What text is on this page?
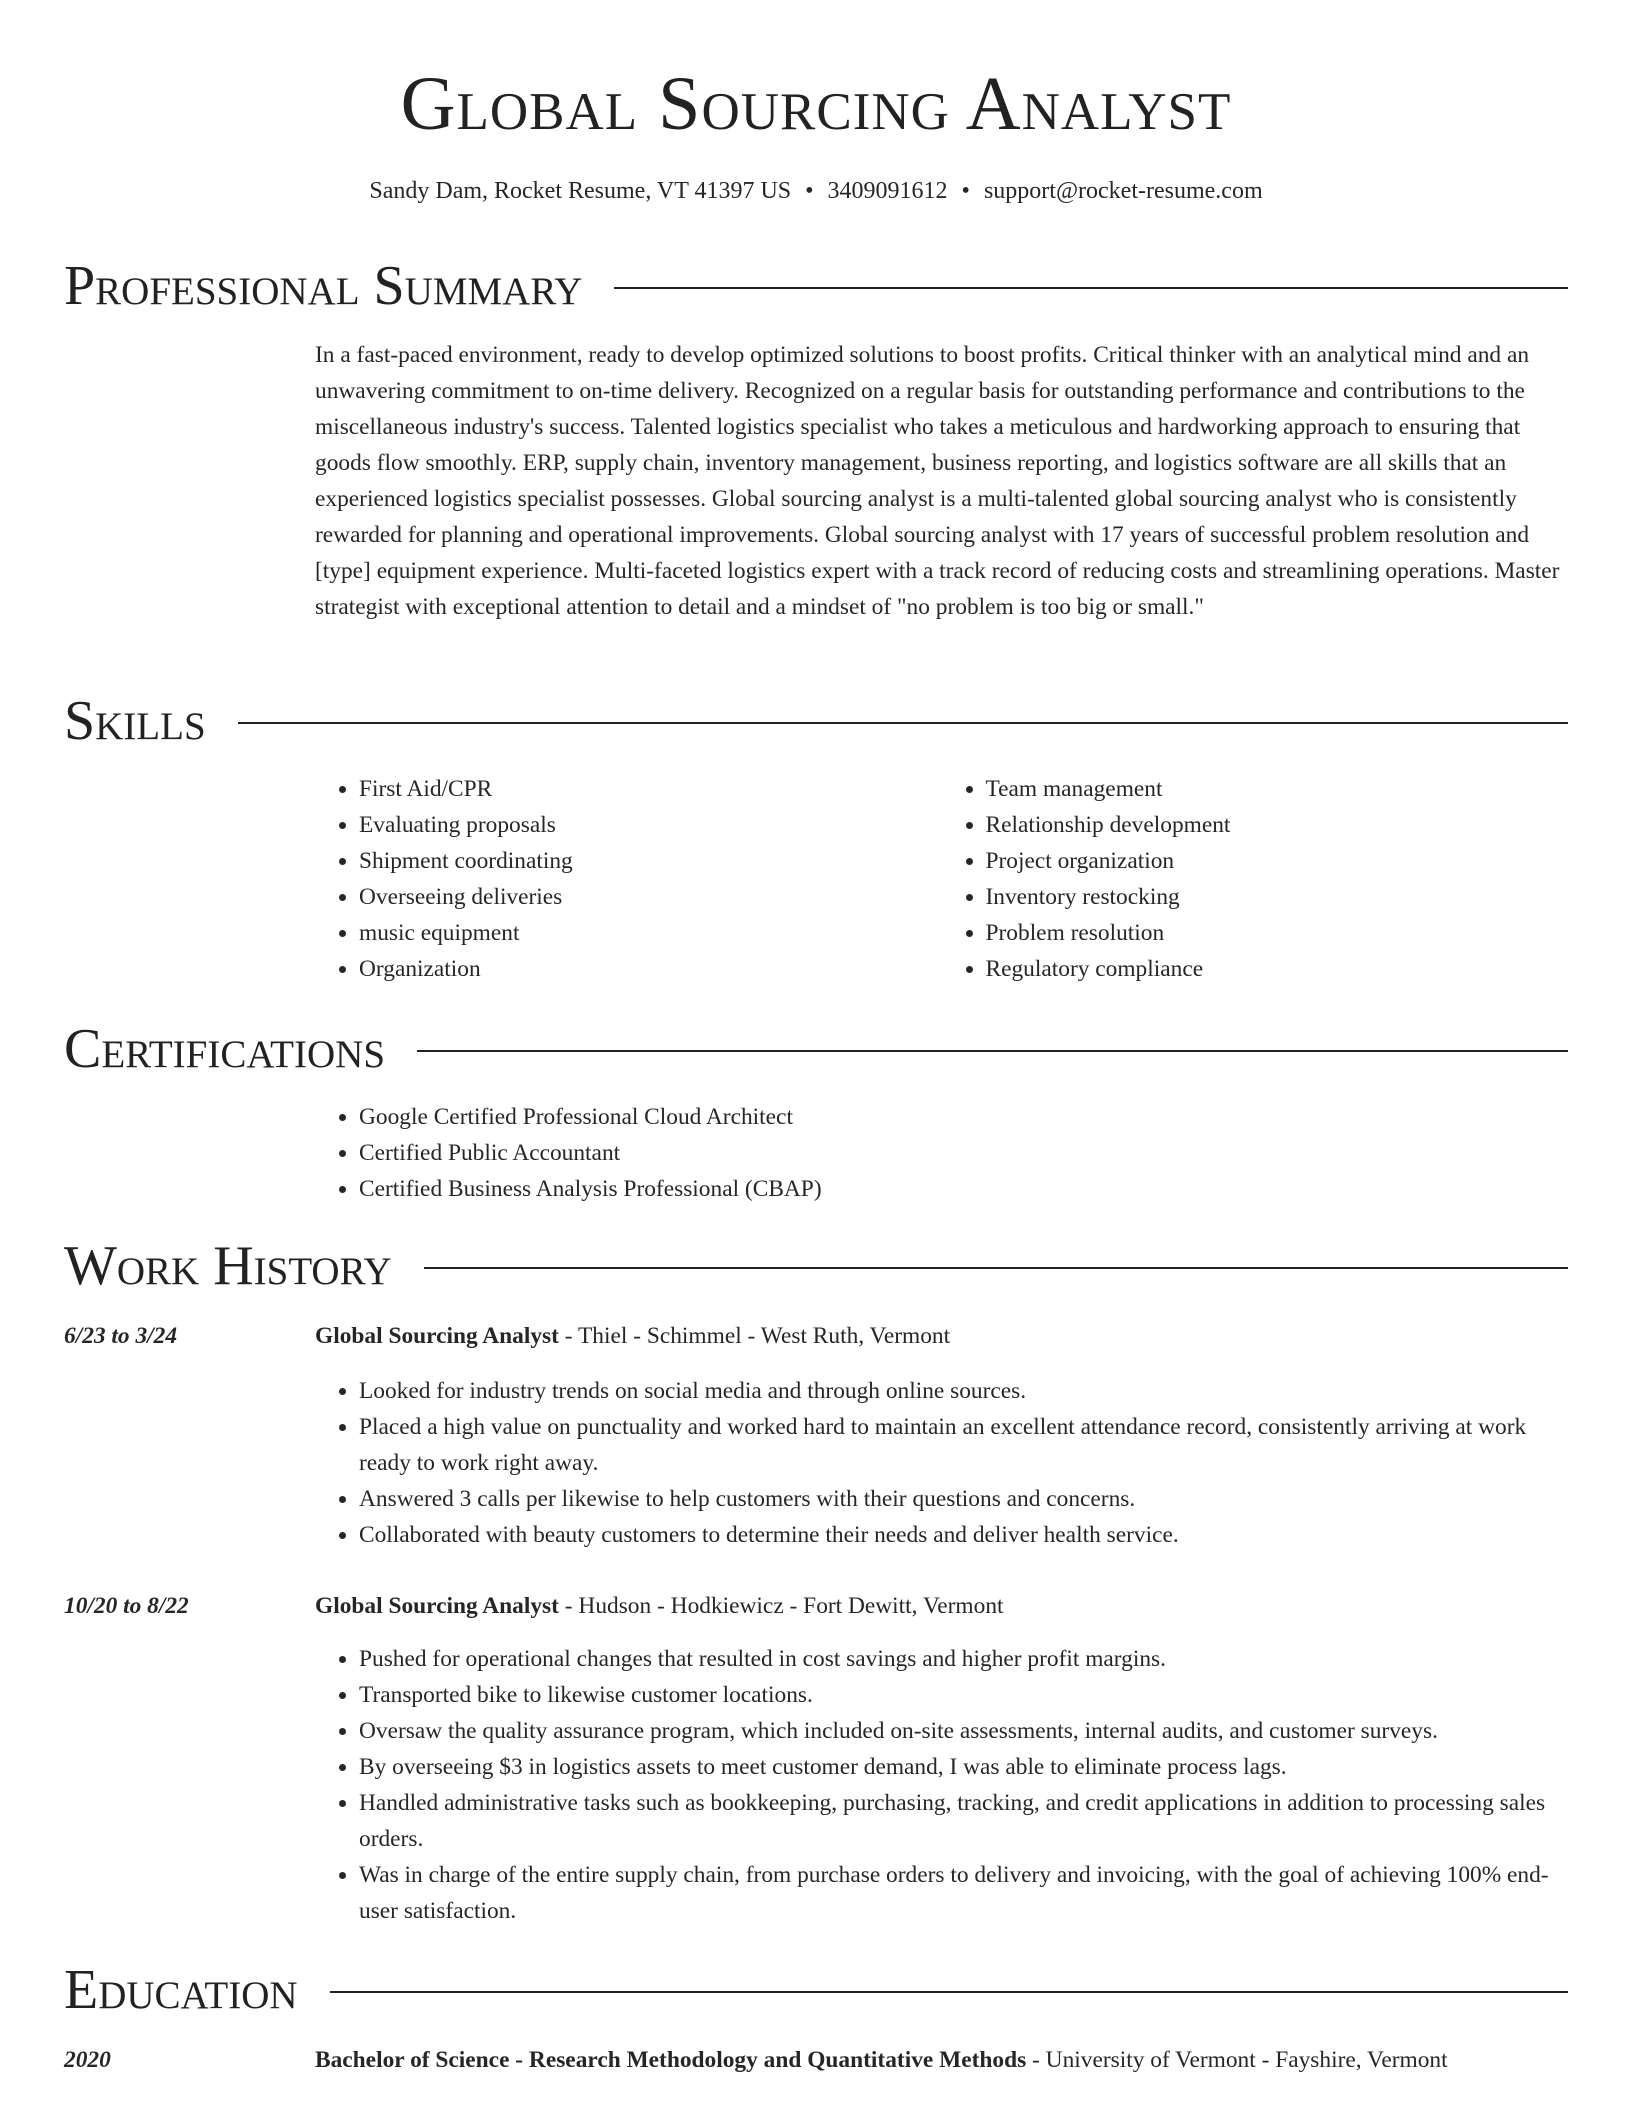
Global Sourcing Analyst
Sandy Dam, Rocket Resume, VT 41397 US • 3409091612 • support@rocket-resume.com
Professional Summary
In a fast-paced environment, ready to develop optimized solutions to boost profits. Critical thinker with an analytical mind and an unwavering commitment to on-time delivery. Recognized on a regular basis for outstanding performance and contributions to the miscellaneous industry's success. Talented logistics specialist who takes a meticulous and hardworking approach to ensuring that goods flow smoothly. ERP, supply chain, inventory management, business reporting, and logistics software are all skills that an experienced logistics specialist possesses. Global sourcing analyst is a multi-talented global sourcing analyst who is consistently rewarded for planning and operational improvements. Global sourcing analyst with 17 years of successful problem resolution and [type] equipment experience. Multi-faceted logistics expert with a track record of reducing costs and streamlining operations. Master strategist with exceptional attention to detail and a mindset of "no problem is too big or small."
Skills
• First Aid/CPR
• Evaluating proposals
• Shipment coordinating
• Overseeing deliveries
• music equipment
• Organization
• Team management
• Relationship development
• Project organization
• Inventory restocking
• Problem resolution
• Regulatory compliance
Certifications
• Google Certified Professional Cloud Architect
• Certified Public Accountant
• Certified Business Analysis Professional (CBAP)
Work History
6/23 to 3/24	Global Sourcing Analyst - Thiel - Schimmel - West Ruth, Vermont
• Looked for industry trends on social media and through online sources.
• Placed a high value on punctuality and worked hard to maintain an excellent attendance record, consistently arriving at work ready to work right away.
• Answered 3 calls per likewise to help customers with their questions and concerns.
• Collaborated with beauty customers to determine their needs and deliver health service.
10/20 to 8/22	Global Sourcing Analyst - Hudson - Hodkiewicz - Fort Dewitt, Vermont
• Pushed for operational changes that resulted in cost savings and higher profit margins.
• Transported bike to likewise customer locations.
• Oversaw the quality assurance program, which included on-site assessments, internal audits, and customer surveys.
• By overseeing $3 in logistics assets to meet customer demand, I was able to eliminate process lags.
• Handled administrative tasks such as bookkeeping, purchasing, tracking, and credit applications in addition to processing sales orders.
• Was in charge of the entire supply chain, from purchase orders to delivery and invoicing, with the goal of achieving 100% end-user satisfaction.
Education
2020	Bachelor of Science - Research Methodology and Quantitative Methods - University of Vermont - Fayshire, Vermont
